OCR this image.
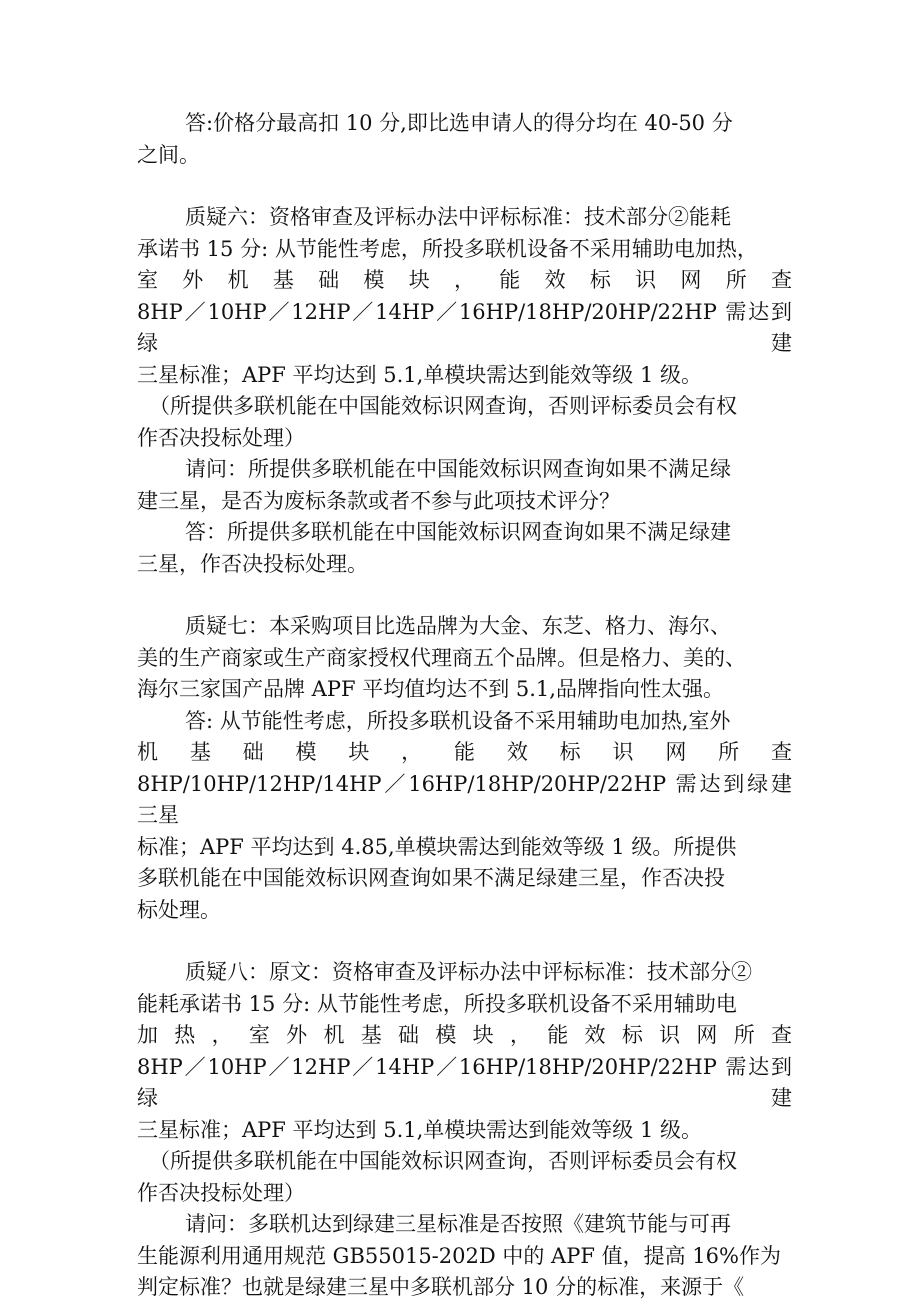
答:价格分最高扣 10 分,即比选申请人的得分均在 40-50 分

之间。

质疑六：资格审查及评标办法中评标标准：技术部分②能耗

承诺书 15 分: 从节能性考虑，所投多联机设备不采用辅助电加热，
室 外 机 基 础 模 块 ， 能 效 标 识 网 所 查
8HP／10HP／12HP／14HP／16HP/18HP/20HP/22HP 需达到绿建
三星标准；APF 平均达到 5.1,单模块需达到能效等级 1 级。

（所提供多联机能在中国能效标识网查询，否则评标委员会有权

作否决投标处理）

请问：所提供多联机能在中国能效标识网查询如果不满足绿

建三星，是否为废标条款或者不参与此项技术评分？

答：所提供多联机能在中国能效标识网查询如果不满足绿建

三星，作否决投标处理。

质疑七：本采购项目比选品牌为大金、东芝、格力、海尔、

美的生产商家或生产商家授权代理商五个品牌。但是格力、美的、
海尔三家国产品牌 APF 平均值均达不到 5.1,品牌指向性太强。

答: 从节能性考虑，所投多联机设备不采用辅助电加热,室外

机 基 础 模 块 ， 能 效 标 识 网 所 查
8HP/10HP/12HP/14HP／16HP/18HP/20HP/22HP 需达到绿建三星
标准；APF 平均达到 4.85,单模块需达到能效等级 1 级。所提供
多联机能在中国能效标识网查询如果不满足绿建三星，作否决投
标处理。

质疑八：原文：资格审查及评标办法中评标标准：技术部分②

能耗承诺书 15 分: 从节能性考虑，所投多联机设备不采用辅助电
加 热 ， 室 外 机 基 础 模 块 ， 能 效 标 识 网 所 查
8HP／10HP／12HP／14HP／16HP/18HP/20HP/22HP 需达到绿建
三星标准；APF 平均达到 5.1,单模块需达到能效等级 1 级。

（所提供多联机能在中国能效标识网查询，否则评标委员会有权

作否决投标处理）

请问：多联机达到绿建三星标准是否按照《建筑节能与可再

生能源利用通用规范 GB55015-202D 中的 APF 值，提高 16%作为
判定标准？也就是绿建三星中多联机部分 10 分的标准，来源于《
